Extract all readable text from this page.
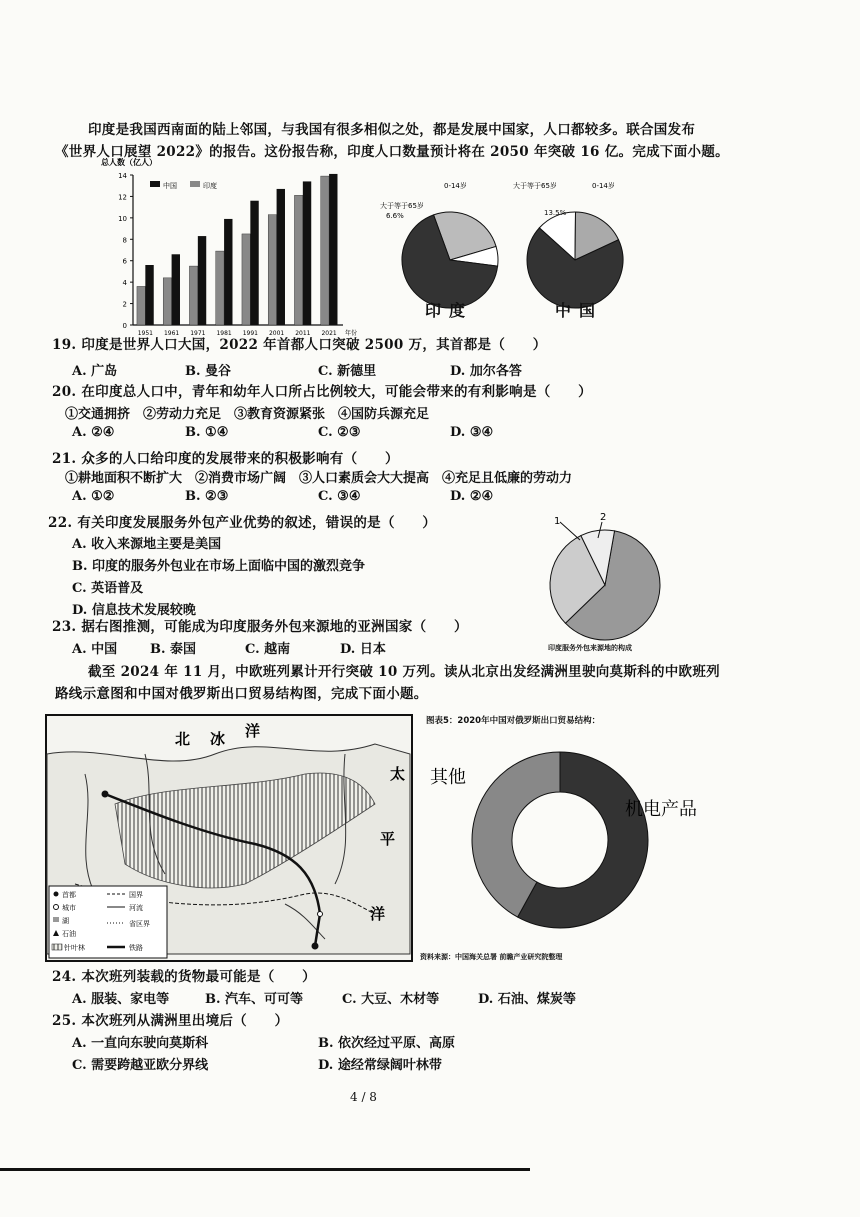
印度是我国西南面的陆上邻国，与我国有很多相似之处，都是发展中国家，人口都较多。联合国发布
《世界人口展望 2022》的报告。这份报告称，印度人口数量预计将在 2050 年突破 16 亿。完成下面小题。
总人数（亿人）
0
2
4
6
8
10
12
14
1951 1961 1971 1981 1991 2001 2011 2021 年份
中国	印度	0-14岁
大于等于65岁
6.6%
印度
大于等于65岁	0-14岁
13.5%
中国
19. 印度是世界人口大国，2022 年首都人口突破 2500 万，其首都是（　　）
A. 广岛	B. 曼谷	C. 新德里	D. 加尔各答
20. 在印度总人口中，青年和幼年人口所占比例较大，可能会带来的有利影响是（　　）
①交通拥挤　②劳动力充足　③教育资源紧张　④国防兵源充足
A. ②④	B. ①④	C. ②③	D. ③④
21. 众多的人口给印度的发展带来的积极影响有（　　）
①耕地面积不断扩大　②消费市场广阔　③人口素质会大大提高　④充足且低廉的劳动力
A. ①②	B. ②③	C. ③④	D. ②④
22. 有关印度发展服务外包产业优势的叙述，错误的是（　　）
A. 收入来源地主要是美国
B. 印度的服务外包业在市场上面临中国的激烈竞争
C. 英语普及
D. 信息技术发展较晚
1	2
印度服务外包来源地的构成
23. 据右图推测，可能成为印度服务外包来源地的亚洲国家（　　）
A. 中国	B. 泰国	C. 越南	D. 日本
截至 2024 年 11 月，中欧班列累计开行突破 10 万列。读从北京出发经满洲里驶向莫斯科的中欧班列
路线示意图和中国对俄罗斯出口贸易结构图，完成下面小题。
北 冰 洋
太
平
洋
首都
城市
湖
石油
针叶林
国界
河流
省区界
铁路
图表5：2020年中国对俄罗斯出口贸易结构：
其他
机电产品
资料来源：中国海关总署 前瞻产业研究院整理
24. 本次班列装载的货物最可能是（　　）
A. 服装、家电等	B. 汽车、可可等	C. 大豆、木材等	D. 石油、煤炭等
25. 本次班列从满洲里出境后（　　）
A. 一直向东驶向莫斯科	B. 依次经过平原、高原
C. 需要跨越亚欧分界线	D. 途经常绿阔叶林带
4 / 8
